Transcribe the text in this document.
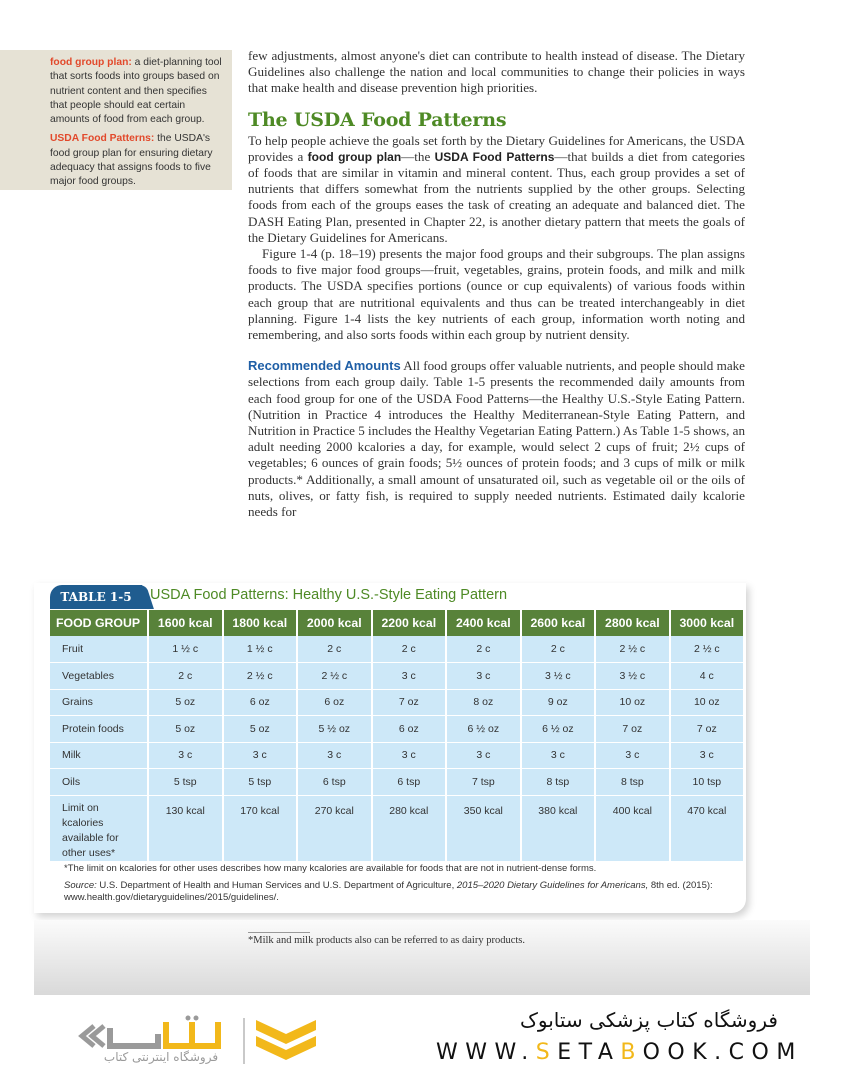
food group plan: a diet-planning tool that sorts foods into groups based on nutrient content and then specifies that people should eat certain amounts of food from each group.

USDA Food Patterns: the USDA's food group plan for ensuring dietary adequacy that assigns foods to five major food groups.

few adjustments, almost anyone's diet can contribute to health instead of disease. The Dietary Guidelines also challenge the nation and local communities to change their policies in ways that make health and disease prevention high priorities.

The USDA Food Patterns

To help people achieve the goals set forth by the Dietary Guidelines for Americans, the USDA provides a food group plan—the USDA Food Patterns—that builds a diet from categories of foods that are similar in vitamin and mineral content. Thus, each group provides a set of nutrients that differs somewhat from the nutrients supplied by the other groups. Selecting foods from each of the groups eases the task of creating an adequate and balanced diet. The DASH Eating Plan, presented in Chapter 22, is another dietary pattern that meets the goals of the Dietary Guidelines for Americans.

Figure 1-4 (p. 18–19) presents the major food groups and their subgroups. The plan assigns foods to five major food groups—fruit, vegetables, grains, protein foods, and milk and milk products. The USDA specifies portions (ounce or cup equivalents) of various foods within each group that are nutritional equivalents and thus can be treated interchangeably in diet planning. Figure 1-4 lists the key nutrients of each group, information worth noting and remembering, and also sorts foods within each group by nutrient density.

Recommended Amounts All food groups offer valuable nutrients, and people should make selections from each group daily. Table 1-5 presents the recommended daily amounts from each food group for one of the USDA Food Patterns—the Healthy U.S.-Style Eating Pattern. (Nutrition in Practice 4 introduces the Healthy Mediterranean-Style Eating Pattern, and Nutrition in Practice 5 includes the Healthy Vegetarian Eating Pattern.) As Table 1-5 shows, an adult needing 2000 kcalories a day, for example, would select 2 cups of fruit; 2½ cups of vegetables; 6 ounces of grain foods; 5½ ounces of protein foods; and 3 cups of milk or milk products.* Additionally, a small amount of unsaturated oil, such as vegetable oil or the oils of nuts, olives, or fatty fish, is required to supply needed nutrients. Estimated daily kcalorie needs for

TABLE 1-5	USDA Food Patterns: Healthy U.S.-Style Eating Pattern
FOOD GROUP	1600 kcal	1800 kcal	2000 kcal	2200 kcal	2400 kcal	2600 kcal	2800 kcal	3000 kcal
Fruit	1 ½ c	1 ½ c	2 c	2 c	2 c	2 c	2 ½ c	2 ½ c
Vegetables	2 c	2 ½ c	2 ½ c	3 c	3 c	3 ½ c	3 ½ c	4 c
Grains	5 oz	6 oz	6 oz	7 oz	8 oz	9 oz	10 oz	10 oz
Protein foods	5 oz	5 oz	5 ½ oz	6 oz	6 ½ oz	6 ½ oz	7 oz	7 oz
Milk	3 c	3 c	3 c	3 c	3 c	3 c	3 c	3 c
Oils	5 tsp	5 tsp	6 tsp	6 tsp	7 tsp	8 tsp	8 tsp	10 tsp
Limit on kcalories available for other uses*	130 kcal	170 kcal	270 kcal	280 kcal	350 kcal	380 kcal	400 kcal	470 kcal

*The limit on kcalories for other uses describes how many kcalories are available for foods that are not in nutrient-dense forms.

Source: U.S. Department of Health and Human Services and U.S. Department of Agriculture, 2015–2020 Dietary Guidelines for Americans, 8th ed. (2015): www.health.gov/dietaryguidelines/2015/guidelines/.

*Milk and milk products also can be referred to as dairy products.

فروشگاه اینترنتی کتاب
فروشگاه کتاب پزشکی ستابوک
WWW.SETABOOK.COM
